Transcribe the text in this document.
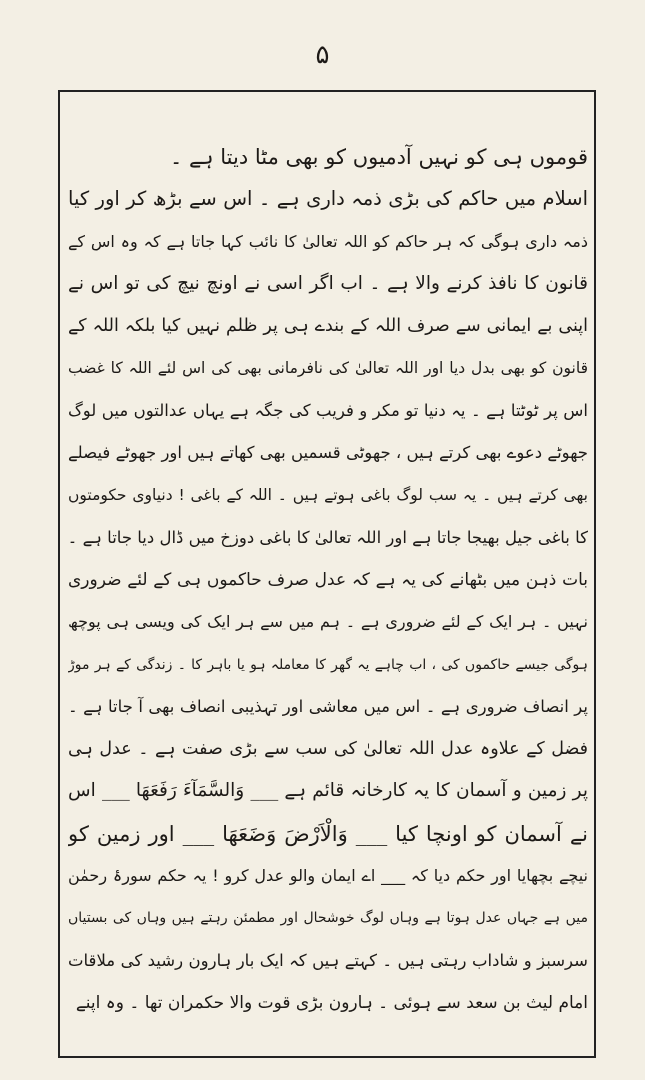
۵
قوموں ہی کو نہیں آدمیوں کو بھی مٹا دیتا ہے ۔
اسلام میں حاکم کی بڑی ذمہ داری ہے ۔ اس سے بڑھ کر اور کیا
ذمہ داری ہوگی کہ ہر حاکم کو اللہ تعالیٰ کا نائب کہا جاتا ہے کہ وہ اس کے
قانون کا نافذ کرنے والا ہے ۔ اب اگر اسی نے اونچ نیچ کی تو اس نے
اپنی بے ایمانی سے صرف اللہ کے بندے ہی پر ظلم نہیں کیا بلکہ اللہ کے
قانون کو بھی بدل دیا اور اللہ تعالیٰ کی نافرمانی بھی کی اس لئے اللہ کا غضب
اس پر ٹوٹتا ہے ۔ یہ دنیا تو مکر و فریب کی جگہ ہے یہاں عدالتوں میں لوگ
جھوٹے دعوے بھی کرتے ہیں ، جھوٹی قسمیں بھی کھاتے ہیں اور جھوٹے فیصلے
بھی کرتے ہیں ۔ یہ سب لوگ باغی ہوتے ہیں ۔ اللہ کے باغی ! دنیاوی حکومتوں
کا باغی جیل بھیجا جاتا ہے اور اللہ تعالیٰ کا باغی دوزخ میں ڈال دیا جاتا ہے ۔
بات ذہن میں بٹھانے کی یہ ہے کہ عدل صرف حاکموں ہی کے لئے ضروری
نہیں ۔ ہر ایک کے لئے ضروری ہے ۔ ہم میں سے ہر ایک کی ویسی ہی پوچھ
ہوگی جیسے حاکموں کی ، اب چاہے یہ گھر کا معاملہ ہو یا باہر کا ۔ زندگی کے ہر موڑ
پر انصاف ضروری ہے ۔ اس میں معاشی اور تہذیبی انصاف بھی آ جاتا ہے ۔
فضل کے علاوہ عدل اللہ تعالیٰ کی سب سے بڑی صفت ہے ۔ عدل ہی
پر زمین و آسمان کا یہ کارخانہ قائم ہے ___ وَالسَّمَآءَ رَفَعَهَا ___ اس
نے آسمان کو اونچا کیا ___ وَالْاَرْضَ وَضَعَهَا ___ اور زمین کو
نیچے بچھایا اور حکم دیا کہ ___ اے ایمان والو عدل کرو ! یہ حکم سورۂ رحمٰن
میں ہے جہاں عدل ہوتا ہے وہاں لوگ خوشحال اور مطمئن رہتے ہیں وہاں کی بستیاں
سرسبز و شاداب رہتی ہیں ۔ کہتے ہیں کہ ایک بار ہارون رشید کی ملاقات
امام لیث بن سعد سے ہوئی ۔ ہارون بڑی قوت والا حکمران تھا ۔ وہ اپنے
